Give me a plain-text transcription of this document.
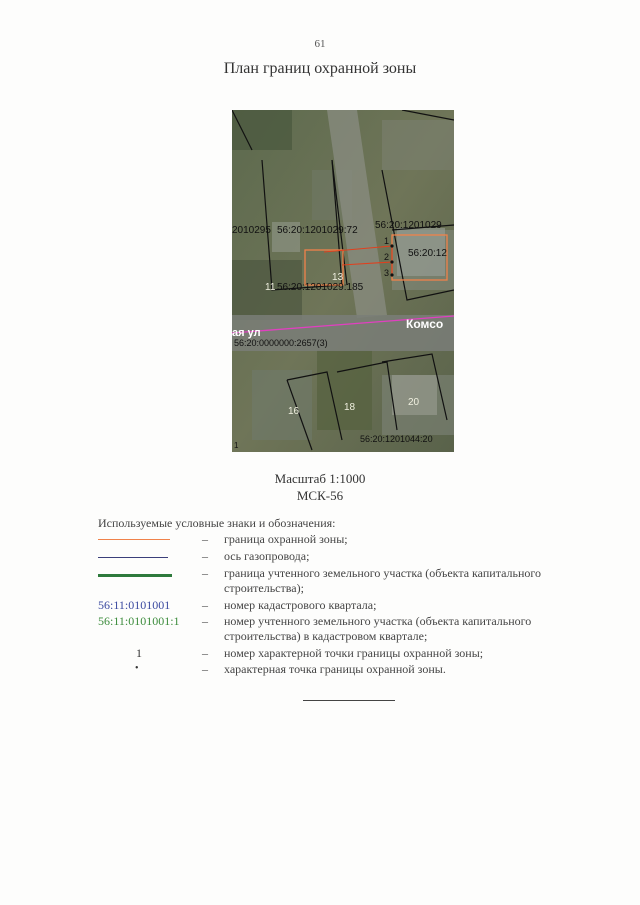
61
План границ охранной зоны
2010295 56:20:1201029:72 56:20:1201029
56:20:12
56:20:1201029:185
11
13
1
2
3
ая ул
Комсо
56:20:0000000:2657(3)
16	18	20
56:20:1201044:20
1
Масштаб 1:1000
МСК-56
Используемые условные знаки и обозначения:
– граница охранной зоны;
– ось газопровода;
– граница учтенного земельного участка (объекта капитального строительства);
56:11:0101001	– номер кадастрового квартала;
56:11:0101001:1	– номер учтенного земельного участка (объекта капитального строительства) в кадастровом квартале;
1	– номер характерной точки границы охранной зоны;
•	– характерная точка границы охранной зоны.
